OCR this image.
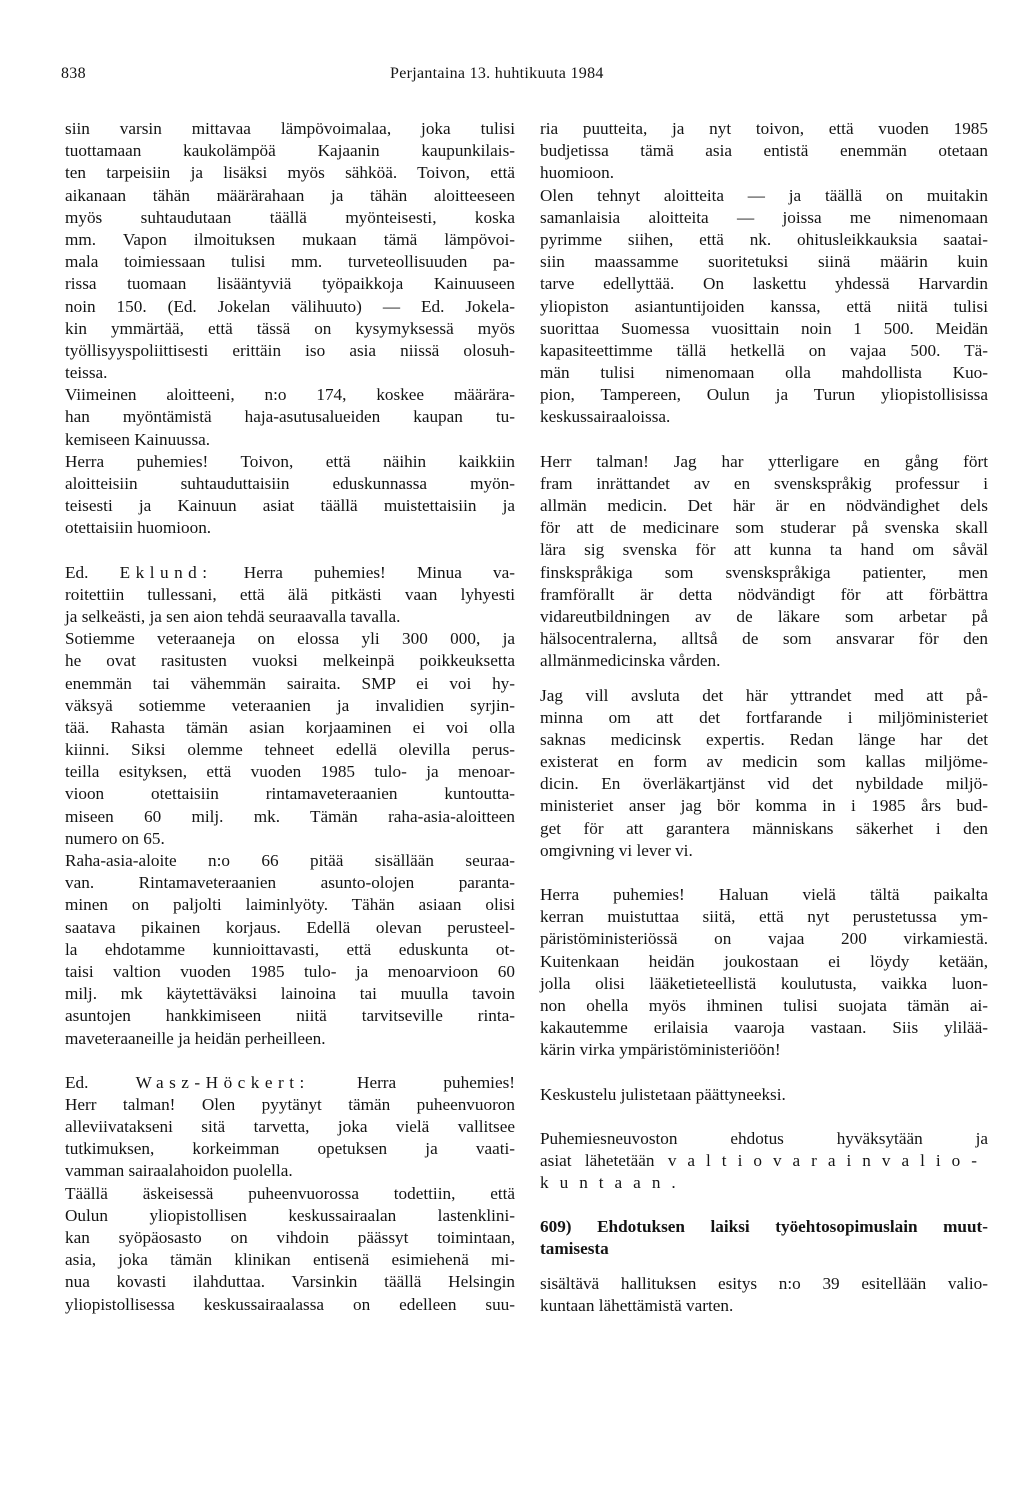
838	Perjantaina 13. huhtikuuta 1984
siin varsin mittavaa lämpövoimalaa, joka tulisi
tuottamaan kaukolämpöä Kajaanin kaupunkilais-
ten tarpeisiin ja lisäksi myös sähköä. Toivon, että
aikanaan tähän määrärahaan ja tähän aloitteeseen
myös suhtaudutaan täällä myönteisesti, koska
mm. Vapon ilmoituksen mukaan tämä lämpövoi-
mala toimiessaan tulisi mm. turveteollisuuden pa-
rissa tuomaan lisääntyviä työpaikkoja Kainuuseen
noin 150. (Ed. Jokelan välihuuto) — Ed. Jokela-
kin ymmärtää, että tässä on kysymyksessä myös
työllisyyspoliittisesti erittäin iso asia niissä olosuh-
teissa.
Viimeinen aloitteeni, n:o 174, koskee määrära-
han myöntämistä haja-asutusalueiden kaupan tu-
kemiseen Kainuussa.
Herra puhemies! Toivon, että näihin kaikkiin
aloitteisiin suhtauduttaisiin eduskunnassa myön-
teisesti ja Kainuun asiat täällä muistettaisiin ja
otettaisiin huomioon.
Ed. Eklund: Herra puhemies! Minua va-
roitettiin tullessani, että älä pitkästi vaan lyhyesti
ja selkeästi, ja sen aion tehdä seuraavalla tavalla.
Sotiemme veteraaneja on elossa yli 300 000, ja
he ovat rasitusten vuoksi melkeinpä poikkeuksetta
enemmän tai vähemmän sairaita. SMP ei voi hy-
väksyä sotiemme veteraanien ja invalidien syrjin-
tää. Rahasta tämän asian korjaaminen ei voi olla
kiinni. Siksi olemme tehneet edellä olevilla perus-
teilla esityksen, että vuoden 1985 tulo- ja menoar-
vioon otettaisiin rintamaveteraanien kuntoutta-
miseen 60 milj. mk. Tämän raha-asia-aloitteen
numero on 65.
Raha-asia-aloite n:o 66 pitää sisällään seuraa-
van. Rintamaveteraanien asunto-olojen paranta-
minen on paljolti laiminlyöty. Tähän asiaan olisi
saatava pikainen korjaus. Edellä olevan perusteel-
la ehdotamme kunnioittavasti, että eduskunta ot-
taisi valtion vuoden 1985 tulo- ja menoarvioon 60
milj. mk käytettäväksi lainoina tai muulla tavoin
asuntojen hankkimiseen niitä tarvitseville rinta-
maveteraaneille ja heidän perheilleen.
Ed.	Wasz-Höckert:	Herra puhemies!
Herr talman! Olen pyytänyt tämän puheenvuoron
alleviivatakseni sitä tarvetta, joka vielä vallitsee
tutkimuksen, korkeimman opetuksen ja vaati-
vamman sairaalahoidon puolella.
Täällä äskeisessä puheenvuorossa todettiin, että
Oulun yliopistollisen keskussairaalan lastenklini-
kan syöpäosasto on vihdoin päässyt toimintaan,
asia, joka tämän klinikan entisenä esimiehenä mi-
nua kovasti ilahduttaa. Varsinkin täällä Helsingin
yliopistollisessa keskussairaalassa on edelleen suu-
ria puutteita, ja nyt toivon, että vuoden 1985
budjetissa tämä asia entistä enemmän otetaan
huomioon.
Olen tehnyt aloitteita — ja täällä on muitakin
samanlaisia aloitteita — joissa me nimenomaan
pyrimme siihen, että nk. ohitusleikkauksia saatai-
siin maassamme suoritetuksi siinä määrin kuin
tarve edellyttää. On laskettu yhdessä Harvardin
yliopiston asiantuntijoiden kanssa, että niitä tulisi
suorittaa Suomessa vuosittain noin 1 500. Meidän
kapasiteettimme tällä hetkellä on vajaa 500. Tä-
män tulisi nimenomaan olla mahdollista Kuo-
pion, Tampereen, Oulun ja Turun yliopistollisissa
keskussairaaloissa.
Herr talman! Jag har ytterligare en gång fört
fram inrättandet av en svenskspråkig professur i
allmän medicin. Det här är en nödvändighet dels
för att de medicinare som studerar på svenska skall
lära sig svenska för att kunna ta hand om såväl
finskspråkiga som svenskspråkiga patienter, men
framförallt är detta nödvändigt för att förbättra
vidareutbildningen av de läkare som arbetar på
hälsocentralerna, alltså de som ansvarar för den
allmänmedicinska vården.
Jag vill avsluta det här yttrandet med att på-
minna om att det fortfarande i miljöministeriet
saknas medicinsk expertis. Redan länge har det
existerat en form av medicin som kallas miljöme-
dicin. En överläkartjänst vid det nybildade miljö-
ministeriet anser jag bör komma in i 1985 års bud-
get för att garantera människans säkerhet i den
omgivning vi lever vi.
Herra puhemies! Haluan vielä tältä paikalta
kerran muistuttaa siitä, että nyt perustetussa ym-
päristöministeriössä on vajaa 200 virkamiestä.
Kuitenkaan heidän joukostaan ei löydy ketään,
jolla olisi lääketieteellistä koulutusta, vaikka luon-
non ohella myös ihminen tulisi suojata tämän ai-
kakautemme erilaisia vaaroja vastaan. Siis ylilää-
kärin virka ympäristöministeriöön!
Keskustelu julistetaan päättyneeksi.
Puhemiesneuvoston ehdotus hyväksytään ja
asiat lähetetään valtiovarainvalio-
kuntaan.
609) Ehdotuksen laiksi työehtosopimuslain muut-
tamisesta
sisältävä hallituksen esitys n:o 39 esitellään valio-
kuntaan lähettämistä varten.
